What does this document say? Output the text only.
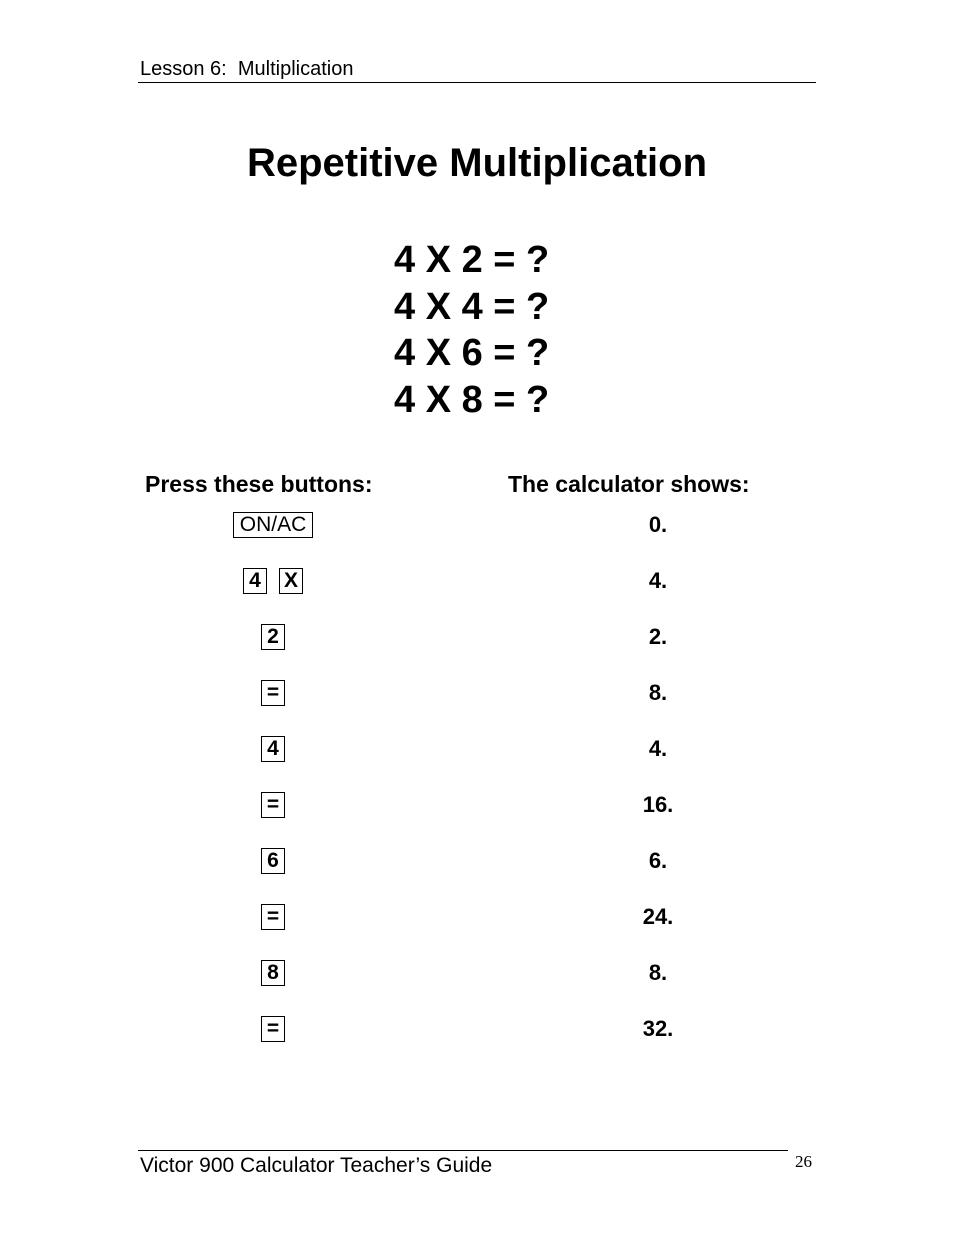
Lesson 6:  Multiplication
Repetitive Multiplication
4 X 2 = ?
4 X 4 = ?
4 X 6 = ?
4 X 8 = ?
Press these buttons:	The calculator shows:
ON/AC	0.
4 X	4.
2	2.
=	8.
4	4.
=	16.
6	6.
=	24.
8	8.
=	32.
Victor 900 Calculator Teacher’s Guide	26
